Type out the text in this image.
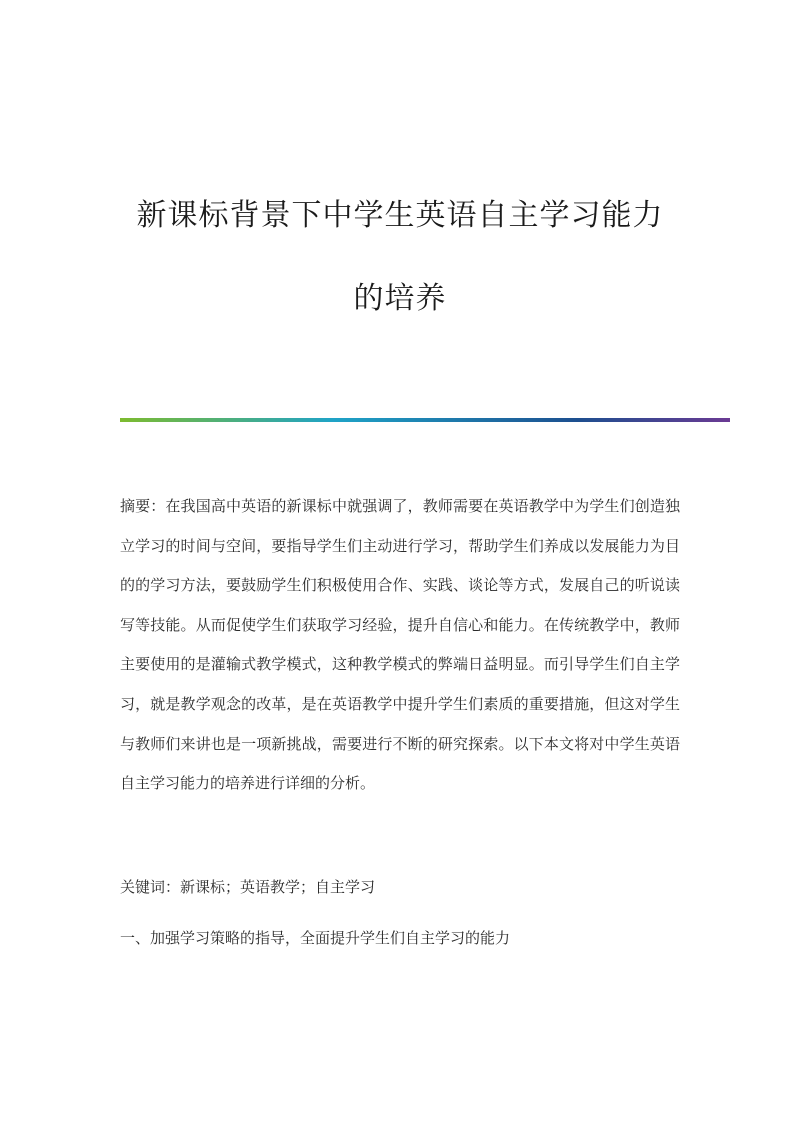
新课标背景下中学生英语自主学习能力
的培养
摘要：在我国高中英语的新课标中就强调了，教师需要在英语教学中为学生们创造独立学习的时间与空间，要指导学生们主动进行学习，帮助学生们养成以发展能力为目的的学习方法，要鼓励学生们积极使用合作、实践、谈论等方式，发展自己的听说读写等技能。从而促使学生们获取学习经验，提升自信心和能力。在传统教学中，教师主要使用的是灌输式教学模式，这种教学模式的弊端日益明显。而引导学生们自主学习，就是教学观念的改革，是在英语教学中提升学生们素质的重要措施，但这对学生与教师们来讲也是一项新挑战，需要进行不断的研究探索。以下本文将对中学生英语自主学习能力的培养进行详细的分析。
关键词：新课标；英语教学；自主学习
一、加强学习策略的指导，全面提升学生们自主学习的能力
